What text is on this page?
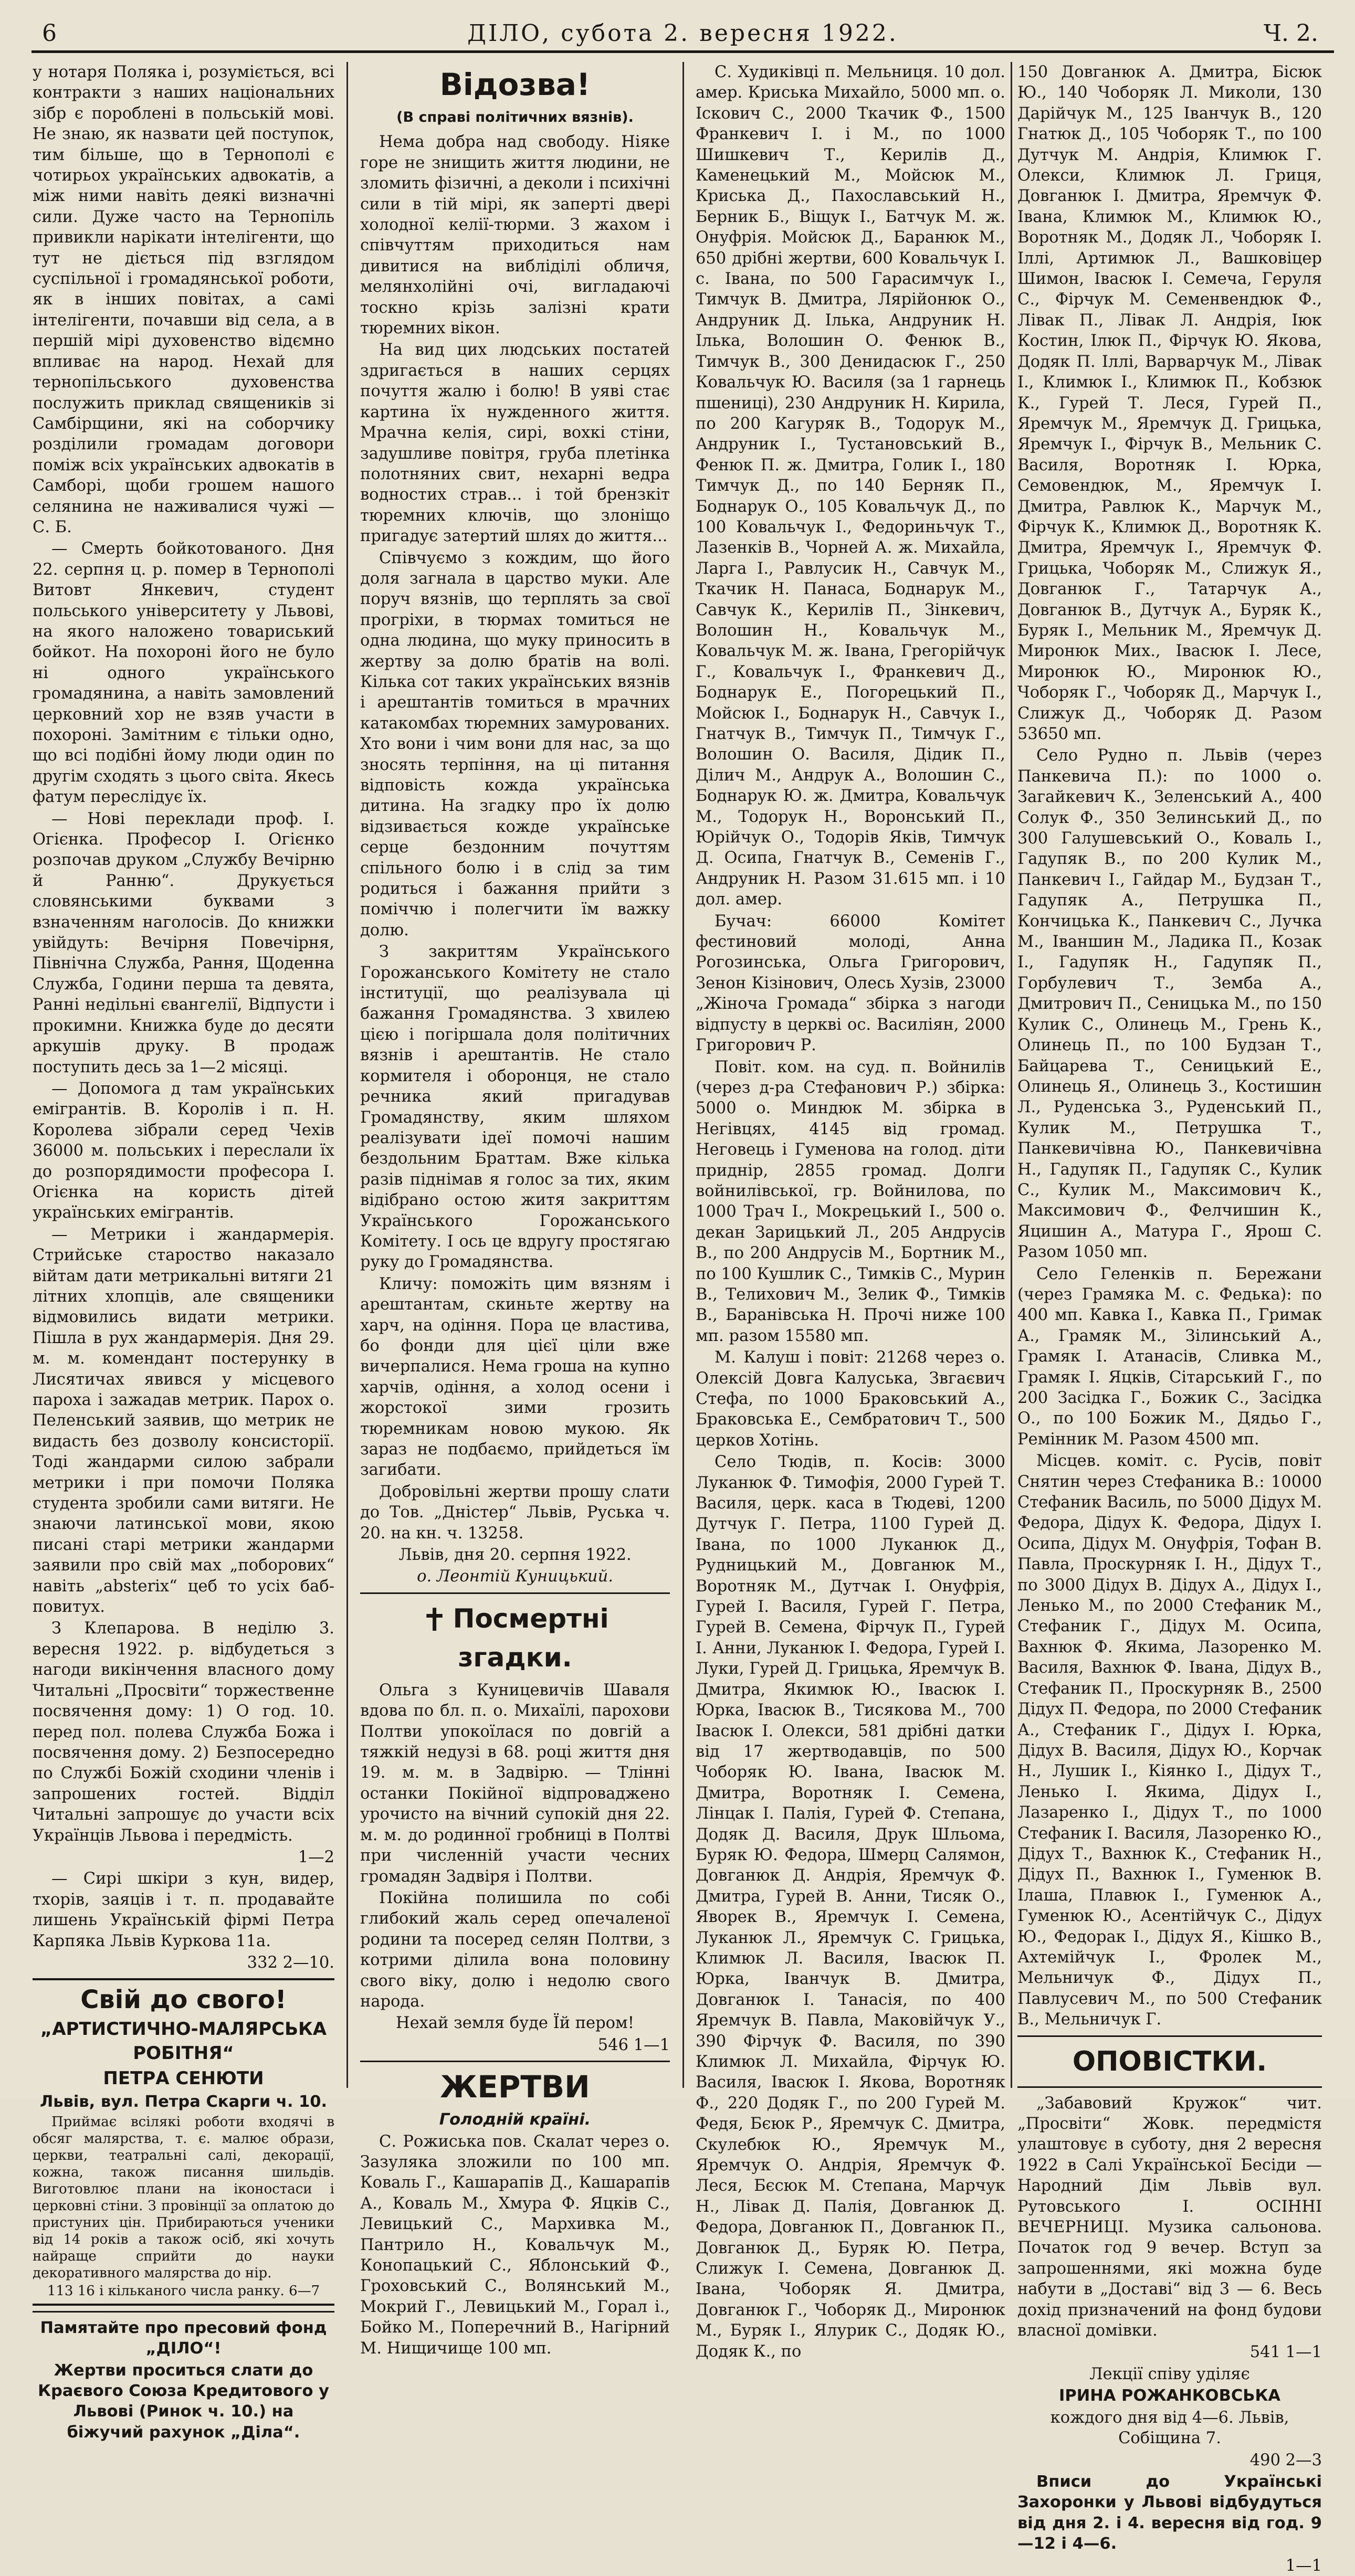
6	ДІЛО, субота 2. вересня 1922.	Ч. 2.

у нотаря Поляка і, розуміється, всі контракти з наших національних зібр є пороблені в польській мові. Не знаю, як назвати цей поступок, тим більше, що в Тернополі є чотирьох українських адвокатів, а між ними навіть деякі визначні сили. Дуже часто на Тернопіль привикли нарікати інтелігенти, що тут не діється під взглядом суспільної і громадянської роботи, як в інших повітах, а самі інтелігенти, почавши від села, а в першій мірі духовенство відємно впливає на народ. Нехай для тернопільського духовенства послужить приклад священиків зі Самбірщини, які на соборчику розділили громадам договори поміж всіх українських адвокатів в Самборі, щоби грошем нашого селянина не наживалися чужі — С. Б.

— Смерть бойкотованого. Дня 22. серпня ц. р. помер в Тернополі Витовт Янкевич, студент польського університету у Львові, на якого наложено товариський бойкот. На похороні його не було ні одного українського громадянина, а навіть замовлений церковний хор не взяв участи в похороні. Замітним є тільки одно, що всі подібні йому люди один по другім сходять з цього світа. Якесь фатум переслідує їх.

— Нові переклади проф. І. Огієнка. Професор І. Огієнко розпочав друком „Службу Вечірню й Ранню“. Друкується словянськими буквами з взначенням наголосів. До книжки увійдуть: Вечірня Повечірня, Північна Служба, Рання, Щоденна Служба, Години перша та девята, Ранні недільні євангелії, Відпусти і прокимни. Книжка буде до десяти аркушів друку. В продаж поступить десь за 1—2 місяці.

— Допомога д там українських емігрантів. В. Королів і п. Н. Королева зібрали серед Чехів 36000 м. польських і переслали їх до розпорядимости професора І. Огієнка на користь дітей українських емігрантів.

— Метрики і жандармерія. Стрийське староство наказало війтам дати метрикальні витяги 21 літних хлопців, але священики відмовились видати метрики. Пішла в рух жандармерія. Дня 29. м. м. комендант постерунку в Лисятичах явився у місцевого пароха і зажадав метрик. Парох о. Пеленський заявив, що метрик не видасть без дозволу консисторії. Тоді жандарми силою забрали метрики і при помочи Поляка студента зробили сами витяги. Не знаючи латинської мови, якою писані старі метрики жандарми заявили про свій мах „поборових“ навіть „absteriх“ цеб то усіх баб-повитух.

З Клепарова. В неділю 3. вересня 1922. р. відбудеться з нагоди викінчення власного дому Читальні „Просвіти“ торжественне посвячення дому: 1) О год. 10. перед пол. полева Служба Божа і посвячення дому. 2) Безпосередно по Службі Божій сходини членів і запрошених гостей. Відділ Читальні запрошує до участи всіх Українців Львова і передмість.

1—2

— Сирі шкіри з кун, видер, тхорів, заяців і т. п. продавайте лишень Українській фірмі Петра Карпяка Львів Куркова 11а.

332 2—10.

Свій до свого!

„АРТИСТИЧНО-МАЛЯРСЬКА РОБІТНЯ“

ПЕТРА СЕНЮТИ

Львів, вул. Петра Скарги ч. 10.

Приймає всілякі роботи входячі в обсяг малярства, т. є. малює образи, церкви, театральні салі, декорації, кожна, також писання шильдів. Виготовлює плани на іконостаси і церковні стіни. З провінції за оплатою до пристуних цін. Прибираються ученики від 14 років а також осіб, які хочуть найраще сприйти до науки декоративного малярства до нір.

113 16 і кільканого числа ранку. 6—7

Памятайте про пресовий фонд „ДІЛО“!

Жертви проситься слати до Краєвого Союза Кредитового у Львові (Ринок ч. 10.) на біжучий рахунок „Діла“.

Відозва!

(В справі політичних вязнів).

Нема добра над свободу. Ніяке горе не знищить життя людини, не зломить фізичні, а деколи і психічні сили в тій мірі, як заперті двері холодної келії-тюрми. З жахом і співчуттям приходиться нам дивитися на вибліділі обличя, мелянхолійні очі, вигладаючі тоскно крізь залізні крати тюремних вікон.

На вид цих людських постатей здригається в наших серцях почуття жалю і болю! В уяві стає картина їх нужденного життя. Мрачна келія, сирі, вохкі стіни, задушливе повітря, груба плетінка полотняних свит, нехарні ведра водностих страв... і той брензкіт тюремних ключів, що злоніщо пригадує затертий шлях до життя...

Співчуємо з кождим, що його доля загнала в царство муки. Але поруч вязнів, що терплять за свої прогріхи, в тюрмах томиться не одна людина, що муку приносить в жертву за долю братів на волі. Кілька сот таких українських вязнів і арештантів томиться в мрачних катакомбах тюремних замурованих. Хто вони і чим вони для нас, за що зносять терпіння, на ці питання відповість кожда українська дитина. На згадку про їх долю відзивається кожде українське серце бездонним почуттям спільного болю і в слід за тим родиться і бажання прийти з поміччю і полегчити їм важку долю.

З закриттям Українського Горожанського Комітету не стало інституції, що реалізувала ці бажання Громадянства. З хвилею цією і погіршала доля політичних вязнів і арештантів. Не стало кормителя і оборонця, не стало речника який пригадував Громадянству, яким шляхом реалізувати ідеї помочі нашим бездольним Браттам. Вже кілька разів піднімав я голос за тих, яким відібрано остою житя закриттям Українського Горожанського Комітету. І ось це вдругу простягаю руку до Громадянства.

Кличу: поможіть цим вязням і арештантам, скиньте жертву на харч, на одіння. Пора це властива, бо фонди для цієї ціли вже вичерпалися. Нема гроша на купно харчів, одіння, а холод осени і жорстокої зими грозить тюремникам новою мукою. Як зараз не подбаємо, прийдеться їм загибати.

Добровільні жертви прошу слати до Тов. „Дністер“ Львів, Руська ч. 20. на кн. ч. 13258.

Львів, дня 20. серпня 1922.

о. Леонтій Куницький.

✝ Посмертні згадки.

Ольга з Куницевичів Шаваля вдова по бл. п. о. Михаїлі, парохови Полтви упокоїлася по довгій а тяжкій недузі в 68. році життя дня 19. м. м. в Задвірю. — Тлінні останки Покійної відпроваджено урочисто на вічний супокій дня 22. м. м. до родинної гробниці в Полтві при численній участи чесних громадян Задвіря і Полтви.

Покійна полишила по собі глибокий жаль серед опечаленої родини та посеред селян Полтви, з котрими ділила вона половину свого віку, долю і недолю свого народа.

Нехай земля буде Їй пером!

546 1—1

ЖЕРТВИ

Голодній країні.

С. Рожиська пов. Скалат через о. Зазуляка зложили по 100 мп. Коваль Г., Кашарапів Д., Кашарапів А., Коваль М., Хмура Ф. Яцків С., Левицький С., Мархивка М., Пантрило Н., Ковальчук М., Конопацький С., Яблонський Ф., Гроховський С., Волянський М., Мокрий Г., Левицький М., Горал і., Бойко М., Поперечний В., Нагірний М. Нищичище 100 мп.

С. Худиківці п. Мельниця. 10 дол. амер. Криська Михайло, 5000 мп. о. Іскович С., 2000 Ткачик Ф., 1500 Франкевич І. і М., по 1000 Шишкевич Т., Керилів Д., Каменецький М., Мойсюк М., Криська Д., Пахославський Н., Берник Б., Віщук І., Батчук М. ж. Онуфрія. Мойсюк Д., Баранюк М., 650 дрібні жертви, 600 Ковальчук І. с. Івана, по 500 Гарасимчук І., Тимчук В. Дмитра, Лярійонюк О., Андруник Д. Ілька, Андруник Н. Ілька, Волошин О. Фенюк В., Тимчук В., 300 Денидасюк Г., 250 Ковальчук Ю. Василя (за 1 гарнець пшениці), 230 Андруник Н. Кирила, по 200 Кагуряк В., Тодорук М., Андруник І., Тустановський В., Фенюк П. ж. Дмитра, Голик І., 180 Тимчук Д., по 140 Берняк П., Боднарук О., 105 Ковальчук Д., по 100 Ковальчук І., Федориньчук Т., Лазенків В., Чорней А. ж. Михайла, Ларга І., Равлусик Н., Савчук М., Ткачик Н. Панаса, Боднарук М., Савчук К., Керилів П., Зінкевич, Волошин Н., Ковальчук М., Ковальчук М. ж. Івана, Грегорійчук Г., Ковальчук І., Франкевич Д., Боднарук Е., Погорецький П., Мойсюк І., Боднарук Н., Савчук І., Гнатчук В., Тимчук П., Тимчук Г., Волошин О. Василя, Дідик П., Ділич М., Андрук А., Волошин С., Боднарук Ю. ж. Дмитра, Ковальчук М., Тодорук Н., Воронський П., Юрійчук О., Тодорів Яків, Тимчук Д. Осипа, Гнатчук В., Семенів Г., Андруник Н. Разом 31.615 мп. і 10 дол. амер.

Бучач: 66000 Комітет фестиновий молоді, Анна Рогозинська, Ольга Григорович, Зенон Кізінович, Олесь Хузів, 23000 „Жіноча Громада“ збірка з нагоди відпусту в церкві ос. Василіян, 2000 Григорович Р.

Повіт. ком. на суд. п. Войнилів (через д-ра Стефанович Р.) збірка: 5000 о. Миндюк М. збірка в Негівцях, 4145 від громад. Неговець і Гуменова на голод. діти приднір, 2855 громад. Долги войнилівської, гр. Войнилова, по 1000 Трач І., Мокрецький І., 500 о. декан Зарицький Л., 205 Андрусів В., по 200 Андрусів М., Бортник М., по 100 Кушлик С., Тимків С., Мурин В., Телихович М., Зелик Ф., Тимків В., Баранівська Н. Прочі ниже 100 мп. разом 15580 мп.

М. Калуш і повіт: 21268 через о. Олексій Довга Калуська, Звгаєвич Стефа, по 1000 Браковський А., Браковська Е., Сембратович Т., 500 церков Хотінь.

Село Тюдів, п. Косів: 3000 Луканюк Ф. Тимофія, 2000 Гурей Т. Василя, церк. каса в Тюдеві, 1200 Дутчук Г. Петра, 1100 Гурей Д. Івана, по 1000 Луканюк Д., Рудницький М., Довганюк М., Воротняк М., Дутчак І. Онуфрія, Гурей І. Василя, Гурей Г. Петра, Гурей В. Семена, Фірчук П., Гурей І. Анни, Луканюк І. Федора, Гурей І. Луки, Гурей Д. Грицька, Яремчук В. Дмитра, Якимюк Ю., Івасюк І. Юрка, Івасюк В., Тисякова М., 700 Івасюк І. Олекси, 581 дрібні датки від 17 жертводавців, по 500 Чоборяк Ю. Івана, Івасюк М. Дмитра, Воротняк І. Семена, Лінцак І. Палія, Гурей Ф. Степана, Додяк Д. Василя, Друк Шльома, Буряк Ю. Федора, Шмерц Салямон, Довганюк Д. Андрія, Яремчук Ф. Дмитра, Гурей В. Анни, Тисяк О., Яворек В., Яремчук І. Семена, Луканюк Л., Яремчук С. Грицька, Климюк Л. Василя, Івасюк П. Юрка, Іванчук В. Дмитра, Довганюк І. Танасія, по 400 Яремчук В. Павла, Маковійчук У., 390 Фірчук Ф. Василя, по 390 Климюк Л. Михайла, Фірчук Ю. Василя, Івасюк І. Якова, Воротняк Ф., 220 Додяк Г., по 200 Гурей М. Федя, Бєюк Р., Яремчук С. Дмитра, Скулебюк Ю., Яремчук М., Яремчук О. Андрія, Яремчук Ф. Леся, Бєсюк М. Степана, Марчук Н., Лівак Д. Палія, Довганюк Д. Федора, Довганюк П., Довганюк П., Довганюк Д., Буряк Ю. Петра, Слижук І. Семена, Довганюк Д. Івана, Чоборяк Я. Дмитра, Довганюк Г., Чоборяк Д., Миронюк М., Буряк І., Ялурик С., Додяк Ю., Додяк К., по

150 Довганюк А. Дмитра, Бісюк Ю., 140 Чоборяк Л. Миколи, 130 Дарійчук М., 125 Іванчук В., 120 Гнатюк Д., 105 Чоборяк Т., по 100 Дутчук М. Андрія, Климюк Г. Олекси, Климюк Л. Гриця, Довганюк І. Дмитра, Яремчук Ф. Івана, Климюк М., Климюк Ю., Воротняк М., Додяк Л., Чоборяк І. Іллі, Артимюк Л., Вашковіцер Шимон, Івасюк І. Семеча, Геруля С., Фірчук М. Семенвендюк Ф., Лівак П., Лівак Л. Андрія, Іюк Костин, Ілюк П., Фірчук Ю. Якова, Додяк П. Іллі, Варварчук М., Лівак І., Климюк І., Климюк П., Кобзюк К., Гурей Т. Леся, Гурей П., Яремчук М., Яремчук Д. Грицька, Яремчук І., Фірчук В., Мельник С. Василя, Воротняк І. Юрка, Семовендюк, М., Яремчук І. Дмитра, Равлюк К., Марчук М., Фірчук К., Климюк Д., Воротняк К. Дмитра, Яремчук І., Яремчук Ф. Грицька, Чоборяк М., Слижук Я., Довганюк Г., Татарчук А., Довганюк В., Дутчук А., Буряк К., Буряк І., Мельник М., Яремчук Д. Миронюк Мих., Івасюк І. Лесе, Миронюк Ю., Миронюк Ю., Чоборяк Г., Чоборяк Д., Марчук І., Слижук Д., Чоборяк Д. Разом 53650 мп.

Село Рудно п. Львів (через Панкевича П.): по 1000 о. Загайкевич К., Зеленський А., 400 Солук Ф., 350 Зелинський Д., по 300 Галушевський О., Коваль І., Гадупяк В., по 200 Кулик М., Панкевич І., Гайдар М., Будзан Т., Гадупяк А., Петрушка П., Кончицька К., Панкевич С., Лучка М., Іваншин М., Ладика П., Козак І., Гадупяк Н., Гадупяк П., Горбулевич Т., Земба А., Дмитрович П., Сеницька М., по 150 Кулик С., Олинець М., Грень К., Олинець П., по 100 Будзан Т., Байцарева Т., Сеницький Е., Олинець Я., Олинець З., Костишин Л., Руденська З., Руденський П., Кулик М., Петрушка Т., Панкевичівна Ю., Панкевичівна Н., Гадупяк П., Гадупяк С., Кулик С., Кулик М., Максимович К., Максимович Ф., Фелчишин К., Яцишин А., Матура Г., Ярош С. Разом 1050 мп.

Село Геленків п. Бережани (через Грамяка М. с. Федька): по 400 мп. Кавка І., Кавка П., Гримак А., Грамяк М., Зілинський А., Грамяк І. Атанасів, Сливка М., Грамяк І. Яцків, Сітарський Г., по 200 Засідка Г., Божик С., Засідка О., по 100 Божик М., Дядьо Г., Ремінник М. Разом 4500 мп.

Місцев. коміт. с. Русів, повіт Снятин через Стефаника В.: 10000 Стефаник Василь, по 5000 Дідух М. Федора, Дідух К. Федора, Дідух І. Осипа, Дідух М. Онуфрія, Тофан В. Павла, Проскурняк І. Н., Дідух Т., по 3000 Дідух В. Дідух А., Дідух І., Ленько М., по 2000 Стефаник М., Стефаник Г., Дідух М. Осипа, Вахнюк Ф. Якима, Лазоренко М. Василя, Вахнюк Ф. Івана, Дідух В., Стефаник П., Проскурняк В., 2500 Дідух П. Федора, по 2000 Стефаник А., Стефаник Г., Дідух І. Юрка, Дідух В. Василя, Дідух Ю., Корчак Н., Лушик І., Кіянко І., Дідух Т., Ленько І. Якима, Дідух І., Лазаренко І., Дідух Т., по 1000 Стефаник І. Василя, Лазоренко Ю., Дідух Т., Вахнюк К., Стефаник Н., Дідух П., Вахнюк І., Гуменюк В. Ілаша, Плавюк І., Гуменюк А., Гуменюк Ю., Асентійчук С., Дідух Ю., Федорак І., Дідух Я., Кішко В., Ахтемійчук І., Фролек М., Мельничук Ф., Дідух П., Павлусевич М., по 500 Стефаник В., Мельничук Г.

ОПОВІСТКИ.

„Забавовий Кружок“ чит. „Просвіти“ Жовк. передмістя улаштовує в суботу, дня 2 вересня 1922 в Салі Української Бесіди — Народний Дім Львів вул. Рутовського І. ОСІННІ ВЕЧЕРНИЦІ. Музика сальонова. Початок год 9 вечер. Вступ за запрошеннями, які можна буде набути в „Доставі“ від 3 — 6. Весь дохід призначений на фонд будови власної домівки.

541 1—1

Лекції співу уділяє

ІРИНА РОЖАНКОВСЬКА

кождого дня від 4—6. Львів, Собіщина 7.

490 2—3

Вписи до Українські Захоронки у Львові відбудуться від дня 2. і 4. вересня від год. 9—12 і 4—6.

1—1
